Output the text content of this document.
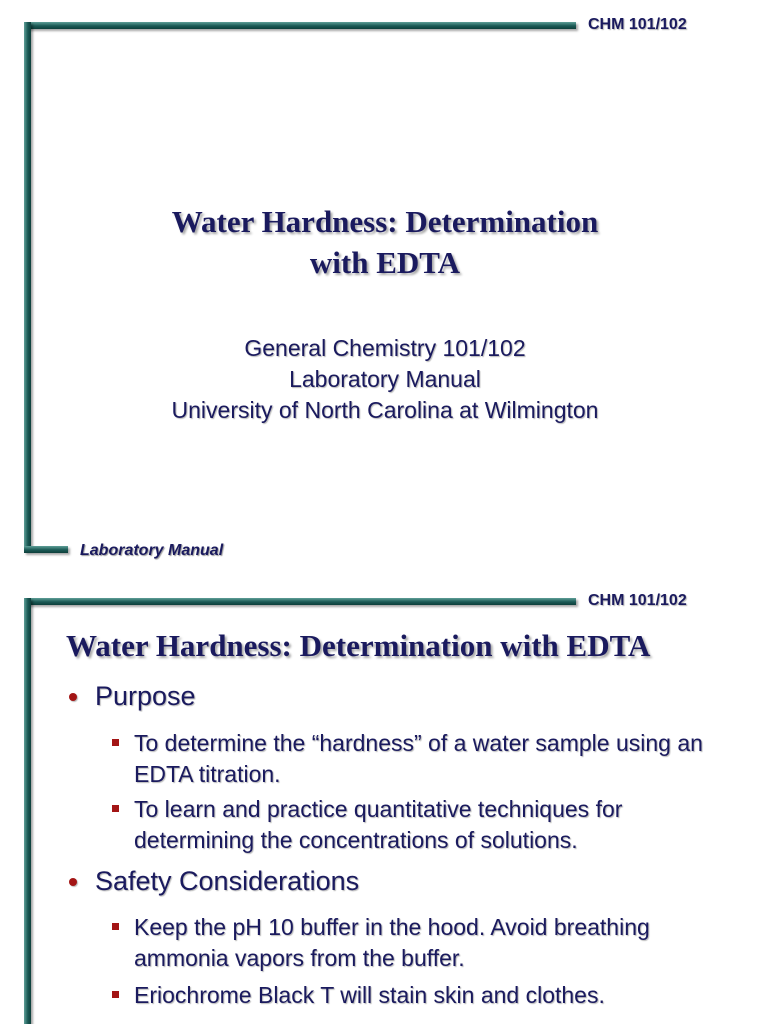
CHM 101/102
Water Hardness: Determination
with EDTA
General Chemistry 101/102
Laboratory Manual
University of North Carolina at Wilmington
Laboratory Manual
CHM 101/102
Water Hardness: Determination with EDTA
Purpose
To determine the “hardness” of a water sample using an EDTA titration.
To learn and practice quantitative techniques for determining the concentrations of solutions.
Safety Considerations
Keep the pH 10 buffer in the hood. Avoid breathing ammonia vapors from the buffer.
Eriochrome Black T will stain skin and clothes.
